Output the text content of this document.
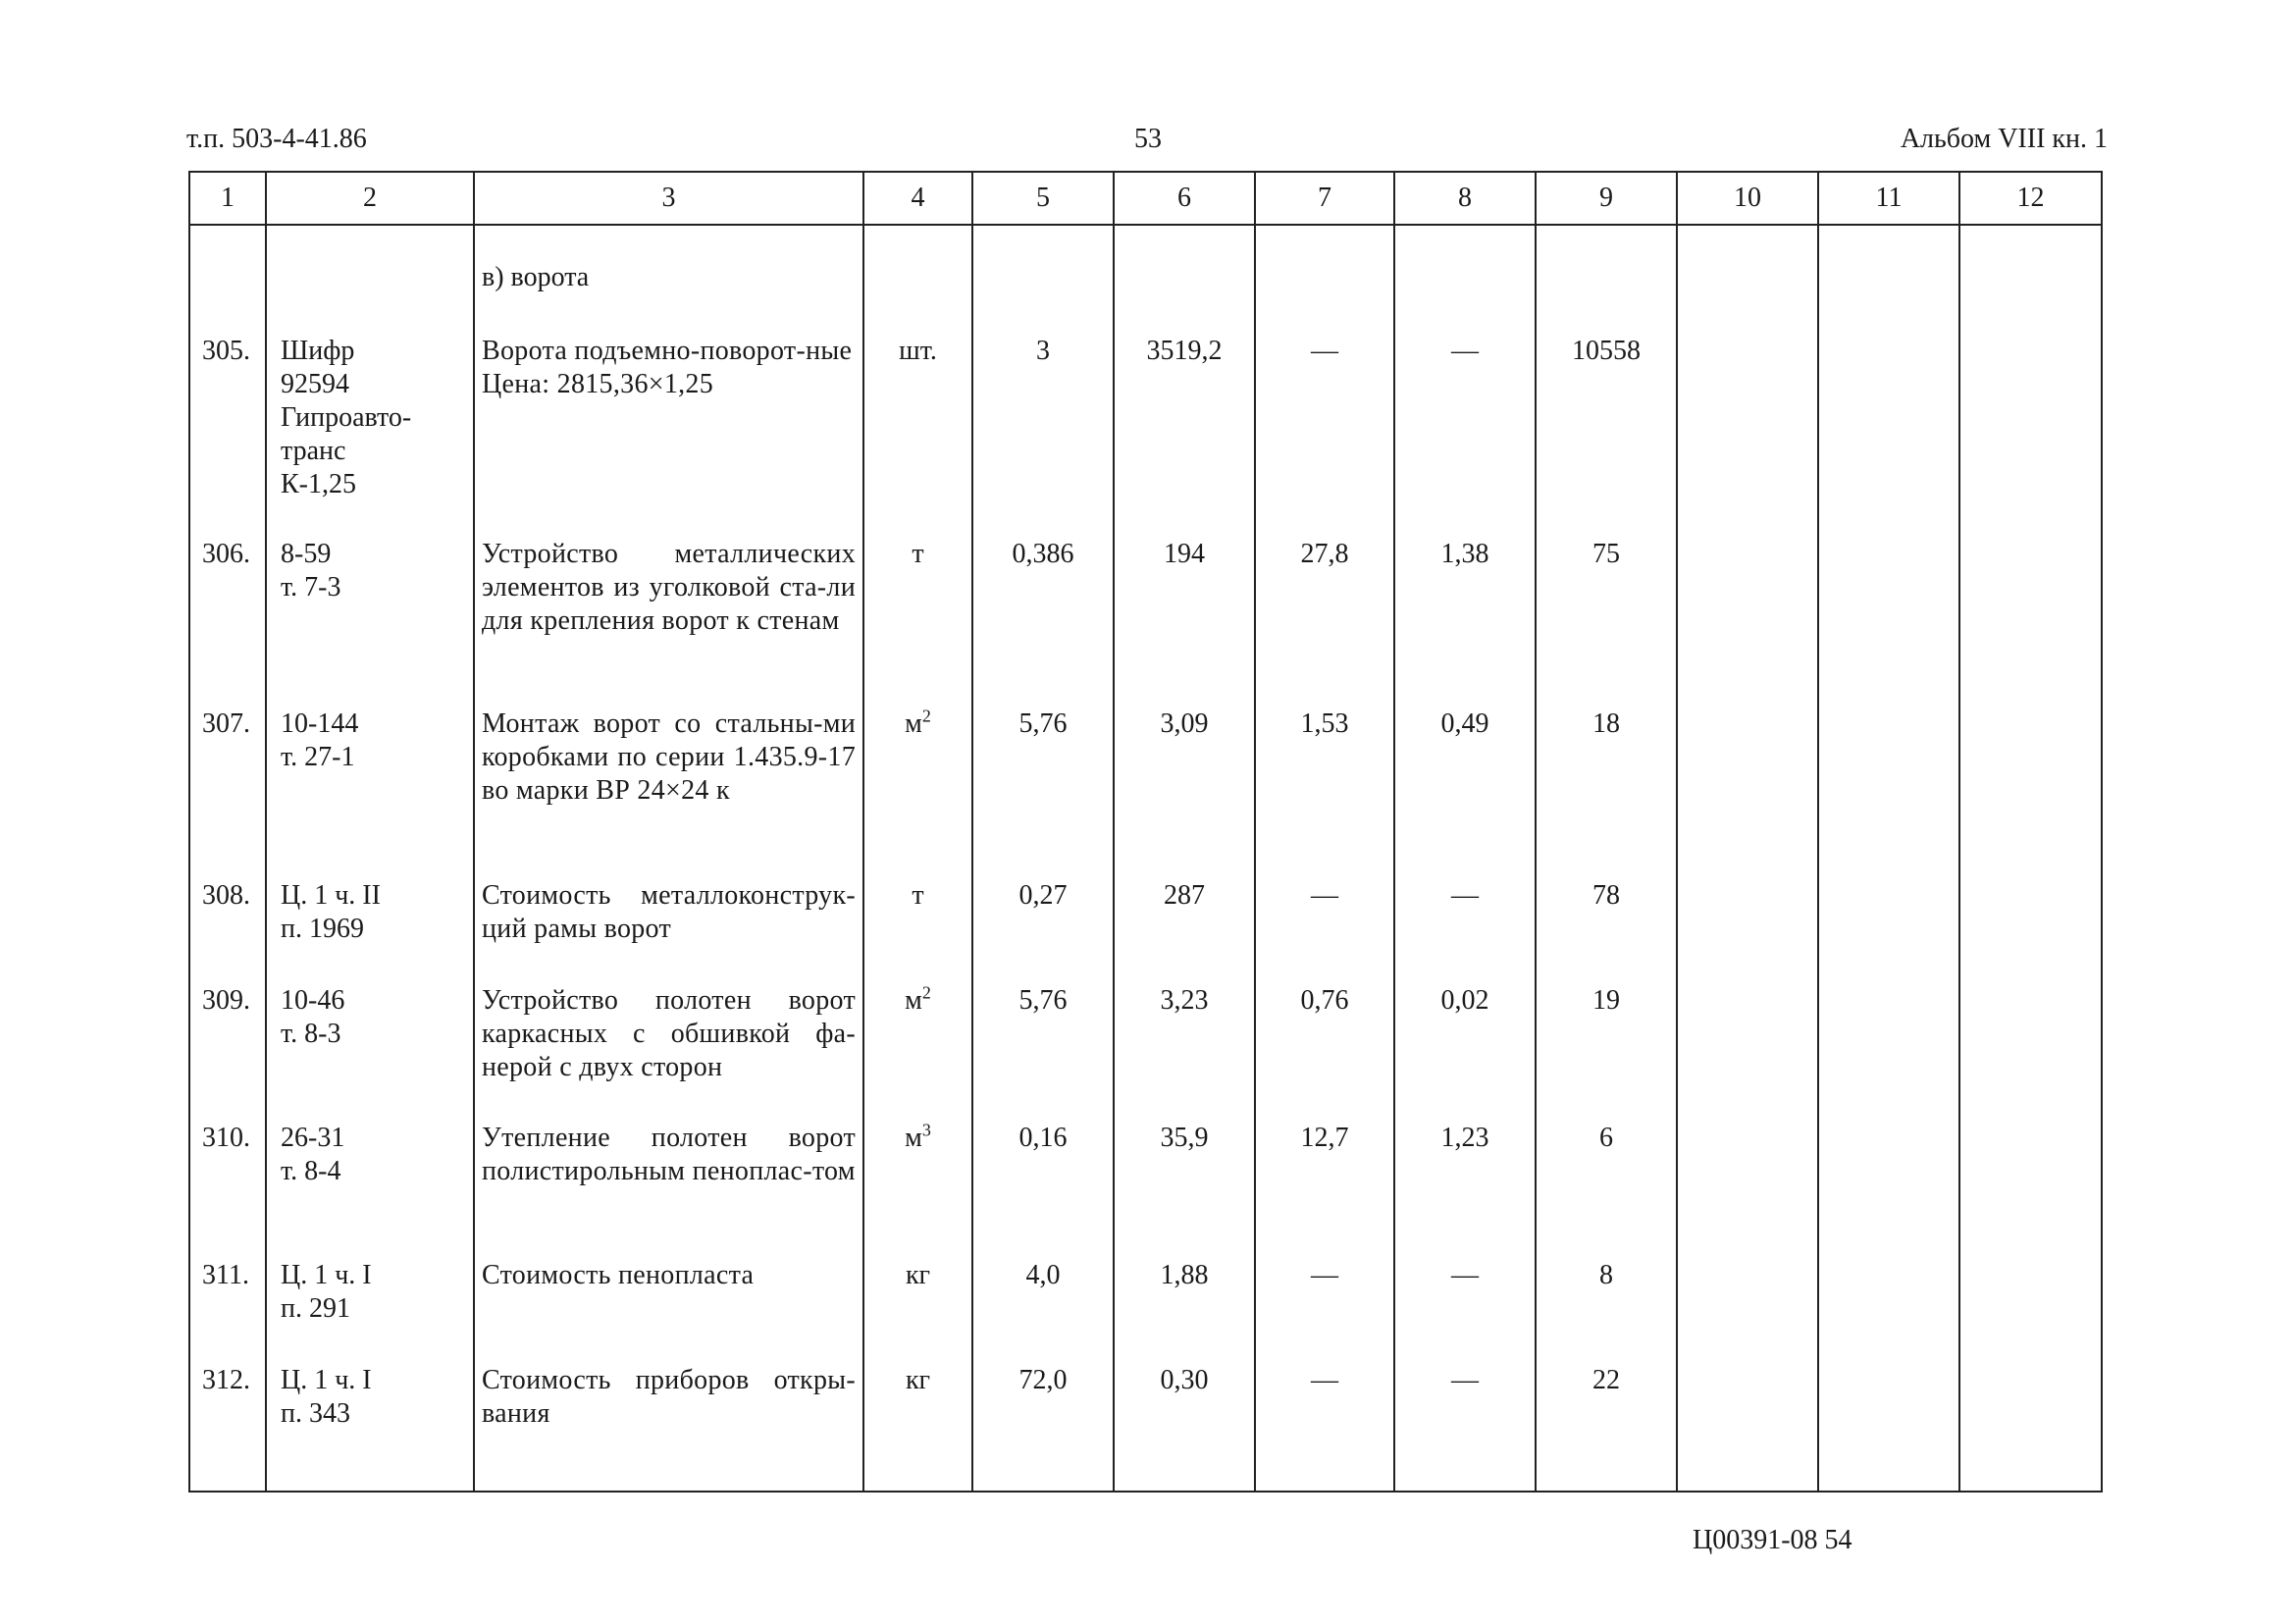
т.п. 503-4-41.86	53	Альбом VIII кн. 1
1	2	3	4	5	6	7	8	9	10	11	12
		в) ворота									
305.	Шифр
92594
Гипроавто-
транс
К-1,25	Ворота подъемно-поворот-ные
Цена: 2815,36×1,25	шт.	3	3519,2	—	—	10558			
306.	8-59
т. 7-3	Устройство металлических элементов из уголковой ста-ли для крепления ворот к стенам	т	0,386	194	27,8	1,38	75			
307.	10-144
т. 27-1	Монтаж ворот со стальны-ми коробками по серии 1.435.9-17 во марки ВР 24×24 к	$м^2$	5,76	3,09	1,53	0,49	18			
308.	Ц. 1 ч. II
п. 1969	Стоимость металлоконструк-ций рамы ворот	т	0,27	287	—	—	78			
309.	10-46
т. 8-3	Устройство полотен ворот каркасных с обшивкой фа-нерой с двух сторон	$м^2$	5,76	3,23	0,76	0,02	19			
310.	26-31
т. 8-4	Утепление полотен ворот полистирольным пеноплас-том	$м^3$	0,16	35,9	12,7	1,23	6			
311.	Ц. 1 ч. I
п. 291	Стоимость пенопласта	кг	4,0	1,88	—	—	8			
312.	Ц. 1 ч. I
п. 343	Стоимость приборов откры-вания	кг	72,0	0,30	—	—	22			
Ц00391-08 54
